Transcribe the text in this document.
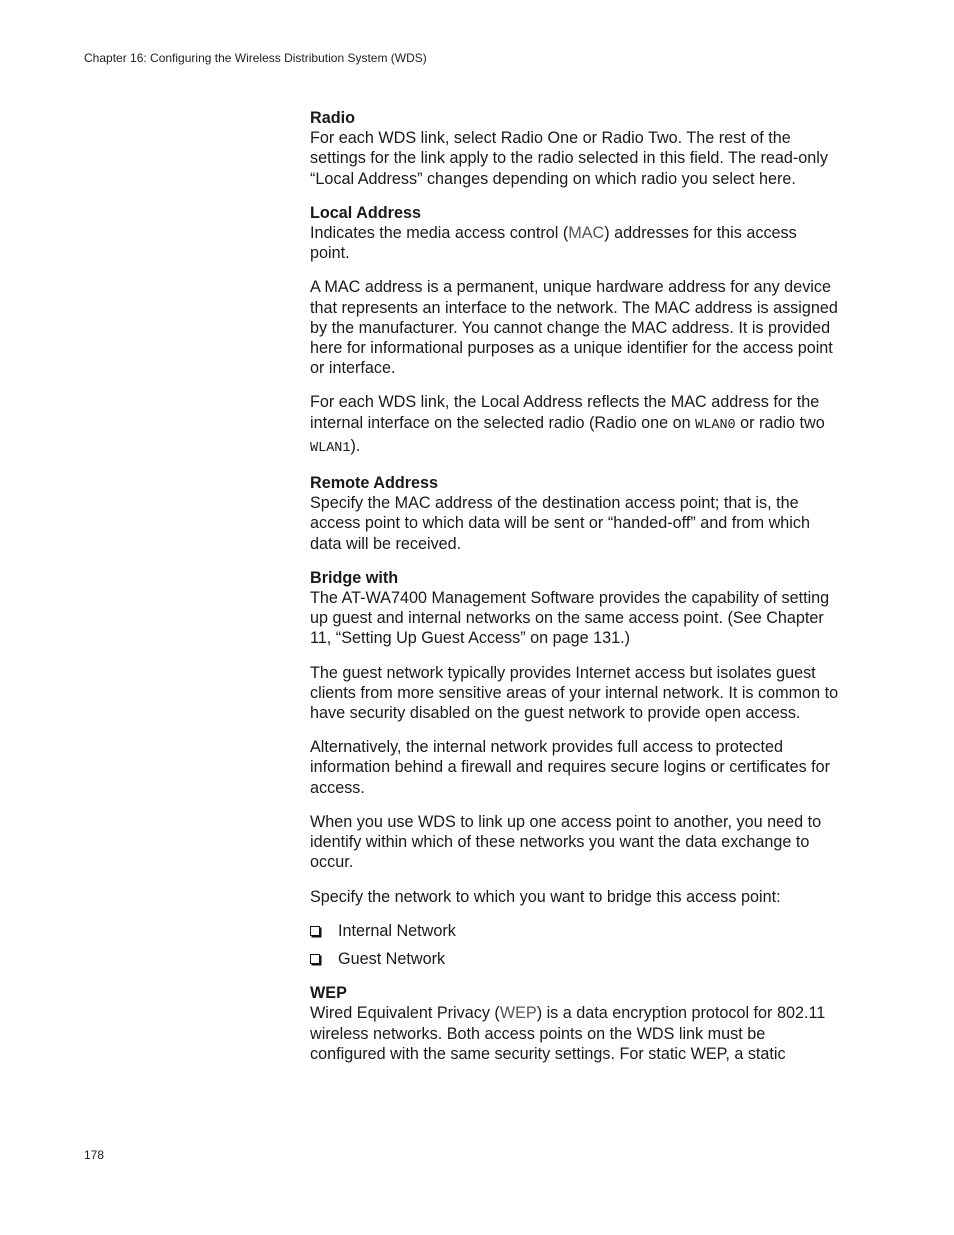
Chapter 16: Configuring the Wireless Distribution System (WDS)
Radio

For each WDS link, select Radio One or Radio Two. The rest of the settings for the link apply to the radio selected in this field. The read-only “Local Address” changes depending on which radio you select here.

Local Address

Indicates the media access control (MAC) addresses for this access point.

A MAC address is a permanent, unique hardware address for any device that represents an interface to the network. The MAC address is assigned by the manufacturer. You cannot change the MAC address. It is provided here for informational purposes as a unique identifier for the access point or interface.

For each WDS link, the Local Address reflects the MAC address for the internal interface on the selected radio (Radio one on WLAN0 or radio two WLAN1).

Remote Address

Specify the MAC address of the destination access point; that is, the access point to which data will be sent or “handed-off” and from which data will be received.

Bridge with

The AT-WA7400 Management Software provides the capability of setting up guest and internal networks on the same access point. (See Chapter 11, “Setting Up Guest Access” on page 131.)

The guest network typically provides Internet access but isolates guest clients from more sensitive areas of your internal network. It is common to have security disabled on the guest network to provide open access.

Alternatively, the internal network provides full access to protected information behind a firewall and requires secure logins or certificates for access.

When you use WDS to link up one access point to another, you need to identify within which of these networks you want the data exchange to occur.

Specify the network to which you want to bridge this access point:

Internal Network
Guest Network
WEP

Wired Equivalent Privacy (WEP) is a data encryption protocol for 802.11 wireless networks. Both access points on the WDS link must be configured with the same security settings. For static WEP, a static

178
